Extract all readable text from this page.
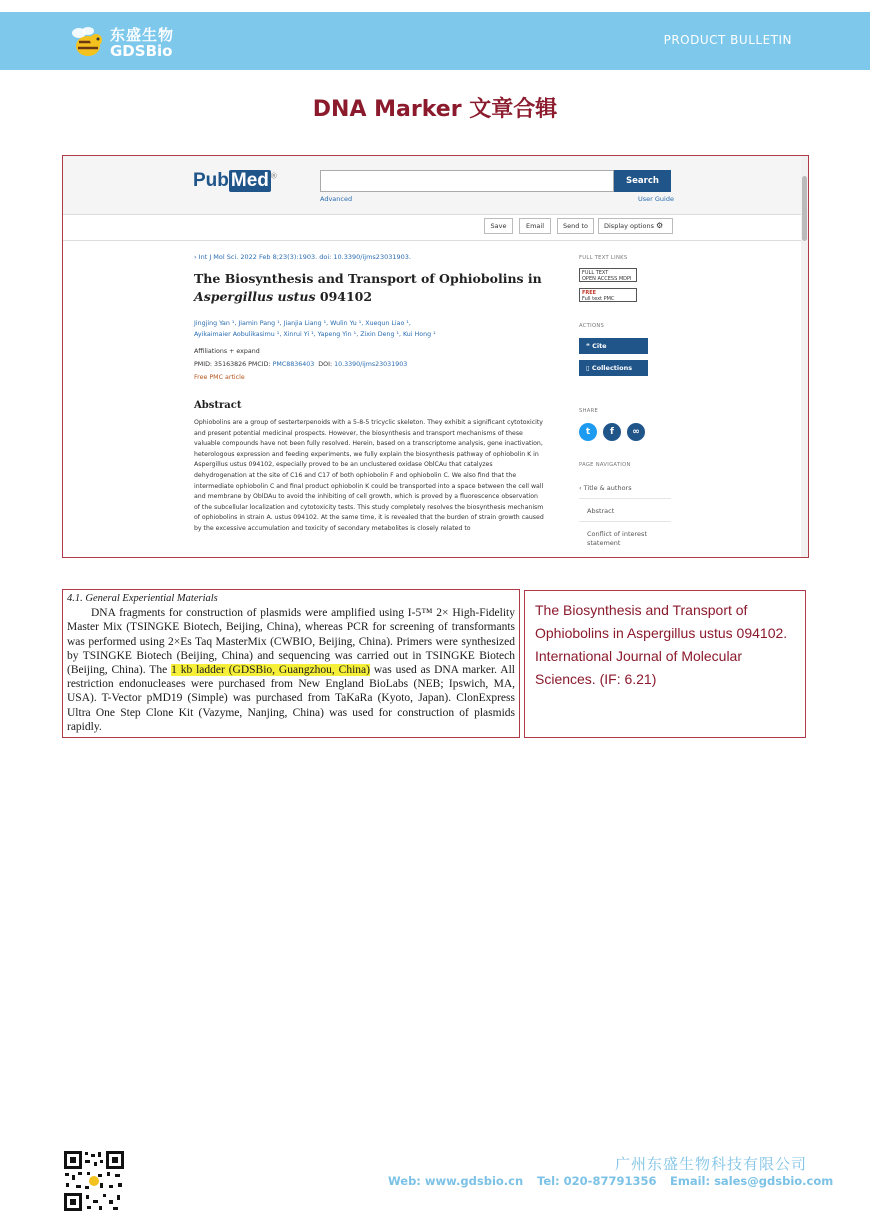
东盛生物
GDSBio
PRODUCT BULLETIN
DNA Marker 文章合辑
Pub Med ®	Search
Advanced	User Guide
Save	Email	Send to	Display options ⚙
› Int J Mol Sci. 2022 Feb 8;23(3):1903. doi: 10.3390/ijms23031903.
The Biosynthesis and Transport of Ophiobolins in Aspergillus ustus 094102
Jingjing Yan ¹, Jiamin Pang ¹, Jianjia Liang ¹, Wulin Yu ¹, Xuequn Liao ¹,
Ayikaimaier Aobulikasimu ¹, Xinrui Yi ¹, Yapeng Yin ¹, Zixin Deng ¹, Kui Hong ¹
Affiliations + expand
PMID: 35163826 PMCID: PMC8836403 DOI: 10.3390/ijms23031903
Free PMC article
Abstract
Ophiobolins are a group of sesterterpenoids with a 5-8-5 tricyclic skeleton. They exhibit a significant cytotoxicity and present potential medicinal prospects. However, the biosynthesis and transport mechanisms of these valuable compounds have not been fully resolved. Herein, based on a transcriptome analysis, gene inactivation, heterologous expression and feeding experiments, we fully explain the biosynthesis pathway of ophiobolin K in Aspergillus ustus 094102, especially proved to be an unclustered oxidase OblCAu that catalyzes dehydrogenation at the site of C16 and C17 of both ophiobolin F and ophiobolin C. We also find that the intermediate ophiobolin C and final product ophiobolin K could be transported into a space between the cell wall and membrane by OblDAu to avoid the inhibiting of cell growth, which is proved by a fluorescence observation of the subcellular localization and cytotoxicity tests. This study completely resolves the biosynthesis mechanism of ophiobolins in strain A. ustus 094102. At the same time, it is revealed that the burden of strain growth caused by the excessive accumulation and toxicity of secondary metabolites is closely related to
FULL TEXT LINKS
FULL TEXT
OPEN ACCESS MDPI
FREE
Full text PMC
ACTIONS
❝ Cite
▯ Collections
SHARE
t	f	∞
PAGE NAVIGATION
‹ Title & authors
Abstract
Conflict of interest statement
4.1. General Experiential Materials
DNA fragments for construction of plasmids were amplified using I-5™ 2× High-Fidelity Master Mix (TSINGKE Biotech, Beijing, China), whereas PCR for screening of transformants was performed using 2×Es Taq MasterMix (CWBIO, Beijing, China). Primers were synthesized by TSINGKE Biotech (Beijing, China) and sequencing was carried out in TSINGKE Biotech (Beijing, China). The 1 kb ladder (GDSBio, Guangzhou, China) was used as DNA marker. All restriction endonucleases were purchased from New England BioLabs (NEB; Ipswich, MA, USA). T-Vector pMD19 (Simple) was purchased from TaKaRa (Kyoto, Japan). ClonExpress Ultra One Step Clone Kit (Vazyme, Nanjing, China) was used for construction of plasmids rapidly.
The Biosynthesis and Transport of Ophiobolins in Aspergillus ustus 094102.
International Journal of Molecular Sciences. (IF: 6.21)
广州东盛生物科技有限公司
Web: www.gdsbio.cn Tel: 020-87791356 Email: sales@gdsbio.com
